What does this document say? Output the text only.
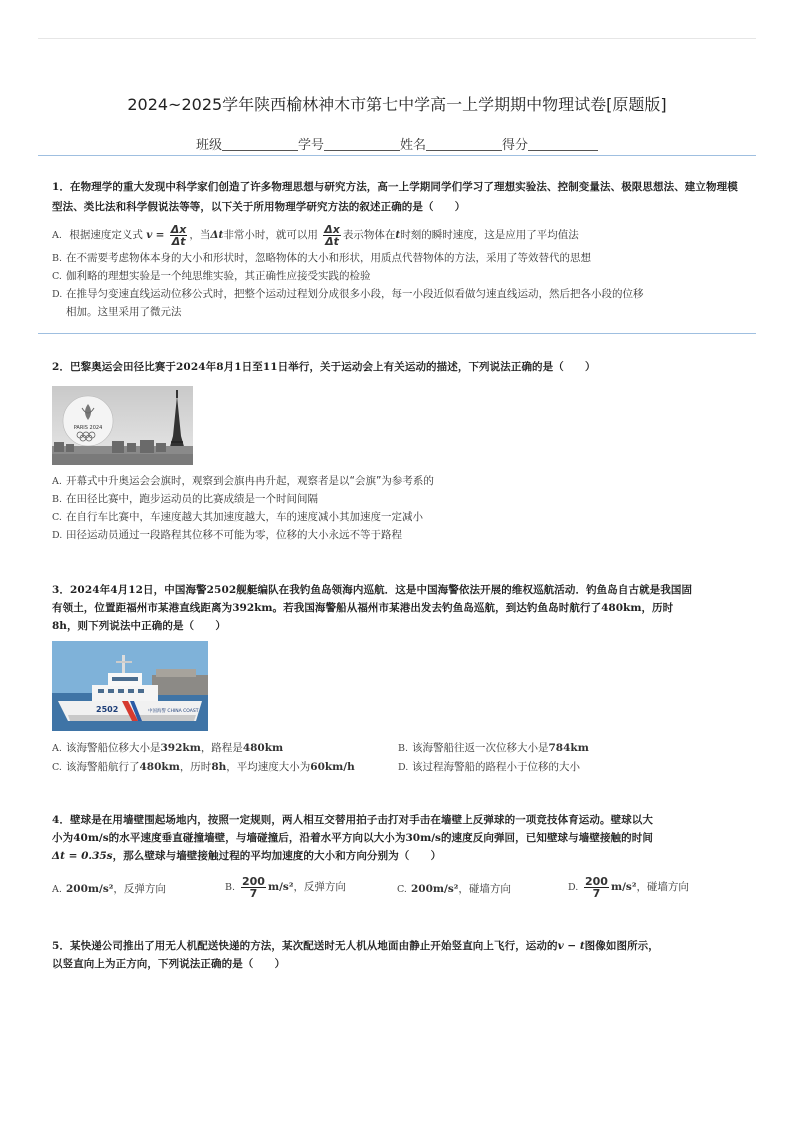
2024~2025学年陕西榆林神木市第七中学高一上学期期中物理试卷[原题版]
班级	学号	姓名	得分
1．在物理学的重大发现中科学家们创造了许多物理思想与研究方法，高一上学期同学们学习了理想实验法、控制变量法、极限思想法、建立物理模型法、类比法和科学假说法等等，以下关于所用物理学研究方法的叙述正确的是（　　）
A. 根据速度定义式 $v = \frac{\Delta x}{\Delta t}$ ，当Δt非常小时，就可以用 $\frac{\Delta x}{\Delta t}$ 表示物体在t时刻的瞬时速度，这是应用了平均值法
B. 在不需要考虑物体本身的大小和形状时，忽略物体的大小和形状，用质点代替物体的方法，采用了等效替代的思想
C. 伽利略的理想实验是一个纯思维实验，其正确性应接受实践的检验
D. 在推导匀变速直线运动位移公式时，把整个运动过程划分成很多小段，每一小段近似看做匀速直线运动，然后把各小段的位移
相加。这里采用了微元法
2．巴黎奥运会田径比赛于2024年8月1日至11日举行，关于运动会上有关运动的描述，下列说法正确的是（　　）
PARIS 2024
A. 开幕式中升奥运会会旗时，观察到会旗冉冉升起，观察者是以“会旗”为参考系的
B. 在田径比赛中，跑步运动员的比赛成绩是一个时间间隔
C. 在自行车比赛中，车速度越大其加速度越大，车的速度减小其加速度一定减小
D. 田径运动员通过一段路程其位移不可能为零，位移的大小永远不等于路程
3．2024年4月12日，中国海警2502舰艇编队在我钓鱼岛领海内巡航．这是中国海警依法开展的维权巡航活动．钓鱼岛自古就是我国固
有领土，位置距福州市某港直线距离为392km。若我国海警船从福州市某港出发去钓鱼岛巡航，到达钓鱼岛时航行了480km，历时
8h，则下列说法中正确的是（　　）
2502	中国海警 CHINA COAST
A. 该海警船位移大小是392km，路程是480km	B. 该海警船往返一次位移大小是784km
C. 该海警船航行了480km，历时8h，平均速度大小为60km/h	D. 该过程海警船的路程小于位移的大小
4．壁球是在用墙壁围起场地内，按照一定规则，两人相互交替用拍子击打对手击在墙壁上反弹球的一项竞技体育运动。壁球以大
小为40m/s的水平速度垂直碰撞墙壁，与墙碰撞后，沿着水平方向以大小为30m/s的速度反向弹回，已知壁球与墙壁接触的时间
Δt = 0.35s，那么壁球与墙壁接触过程的平均加速度的大小和方向分别为（　　）
A. 200m/s²，反弹方向	B. $\frac{200}{7} m/s^2$，反弹方向	C. 200m/s²，碰墙方向	D. $\frac{200}{7} m/s^2$，碰墙方向
5．某快递公司推出了用无人机配送快递的方法，某次配送时无人机从地面由静止开始竖直向上飞行，运动的v − t图像如图所示，
以竖直向上为正方向，下列说法正确的是（　　）
